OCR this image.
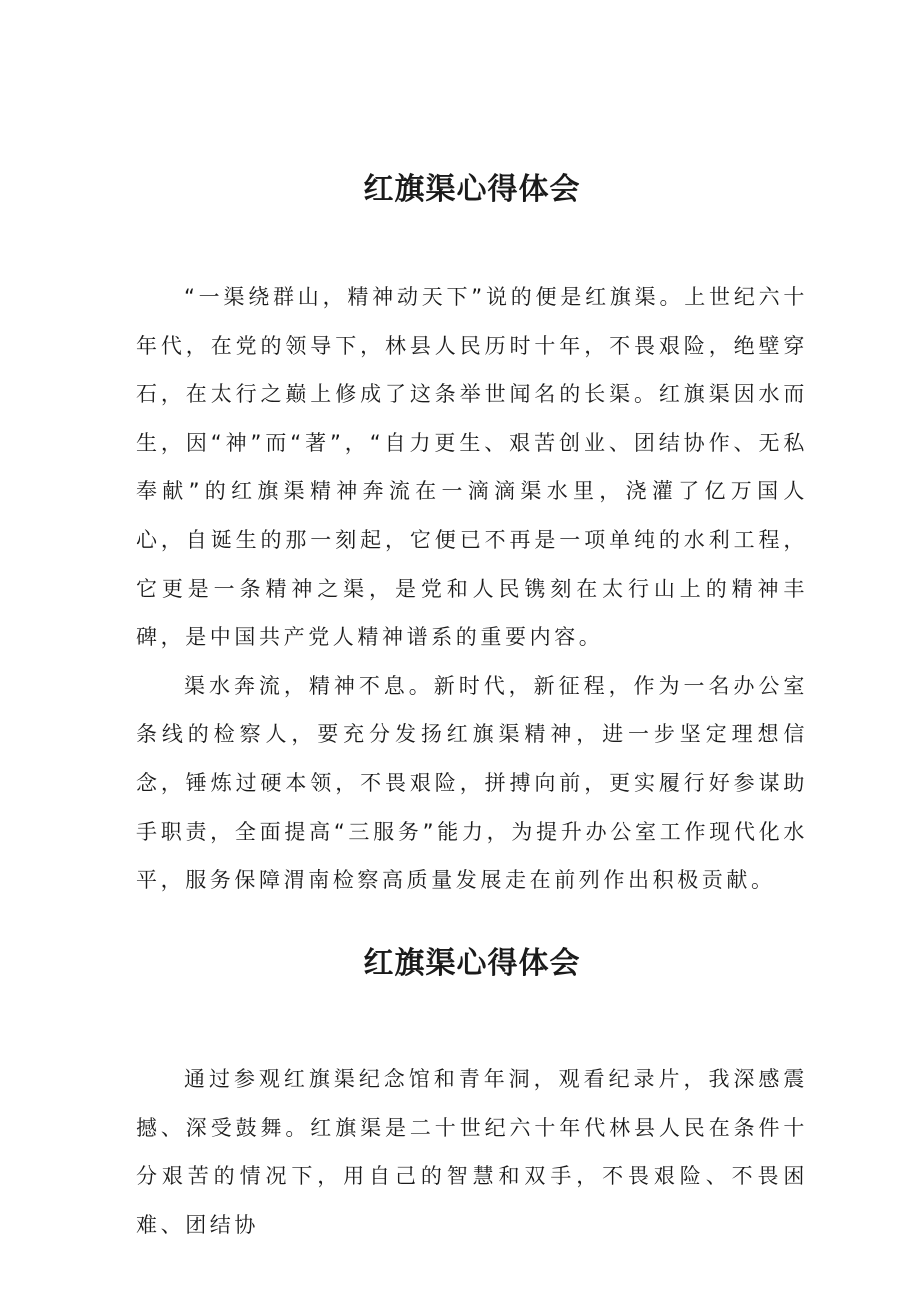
红旗渠心得体会

“一渠绕群山，精神动天下”说的便是红旗渠。上世纪六十年代，在党的领导下，林县人民历时十年，不畏艰险，绝壁穿石，在太行之巅上修成了这条举世闻名的长渠。红旗渠因水而生，因“神”而“著”，“自力更生、艰苦创业、团结协作、无私奉献”的红旗渠精神奔流在一滴滴渠水里，浇灌了亿万国人心，自诞生的那一刻起，它便已不再是一项单纯的水利工程，它更是一条精神之渠，是党和人民镌刻在太行山上的精神丰碑，是中国共产党人精神谱系的重要内容。

渠水奔流，精神不息。新时代，新征程，作为一名办公室条线的检察人，要充分发扬红旗渠精神，进一步坚定理想信念，锤炼过硬本领，不畏艰险，拼搏向前，更实履行好参谋助手职责，全面提高“三服务”能力，为提升办公室工作现代化水平，服务保障渭南检察高质量发展走在前列作出积极贡献。

红旗渠心得体会

通过参观红旗渠纪念馆和青年洞，观看纪录片，我深感震撼、深受鼓舞。红旗渠是二十世纪六十年代林县人民在条件十分艰苦的情况下，用自己的智慧和双手，不畏艰险、不畏困难、团结协
